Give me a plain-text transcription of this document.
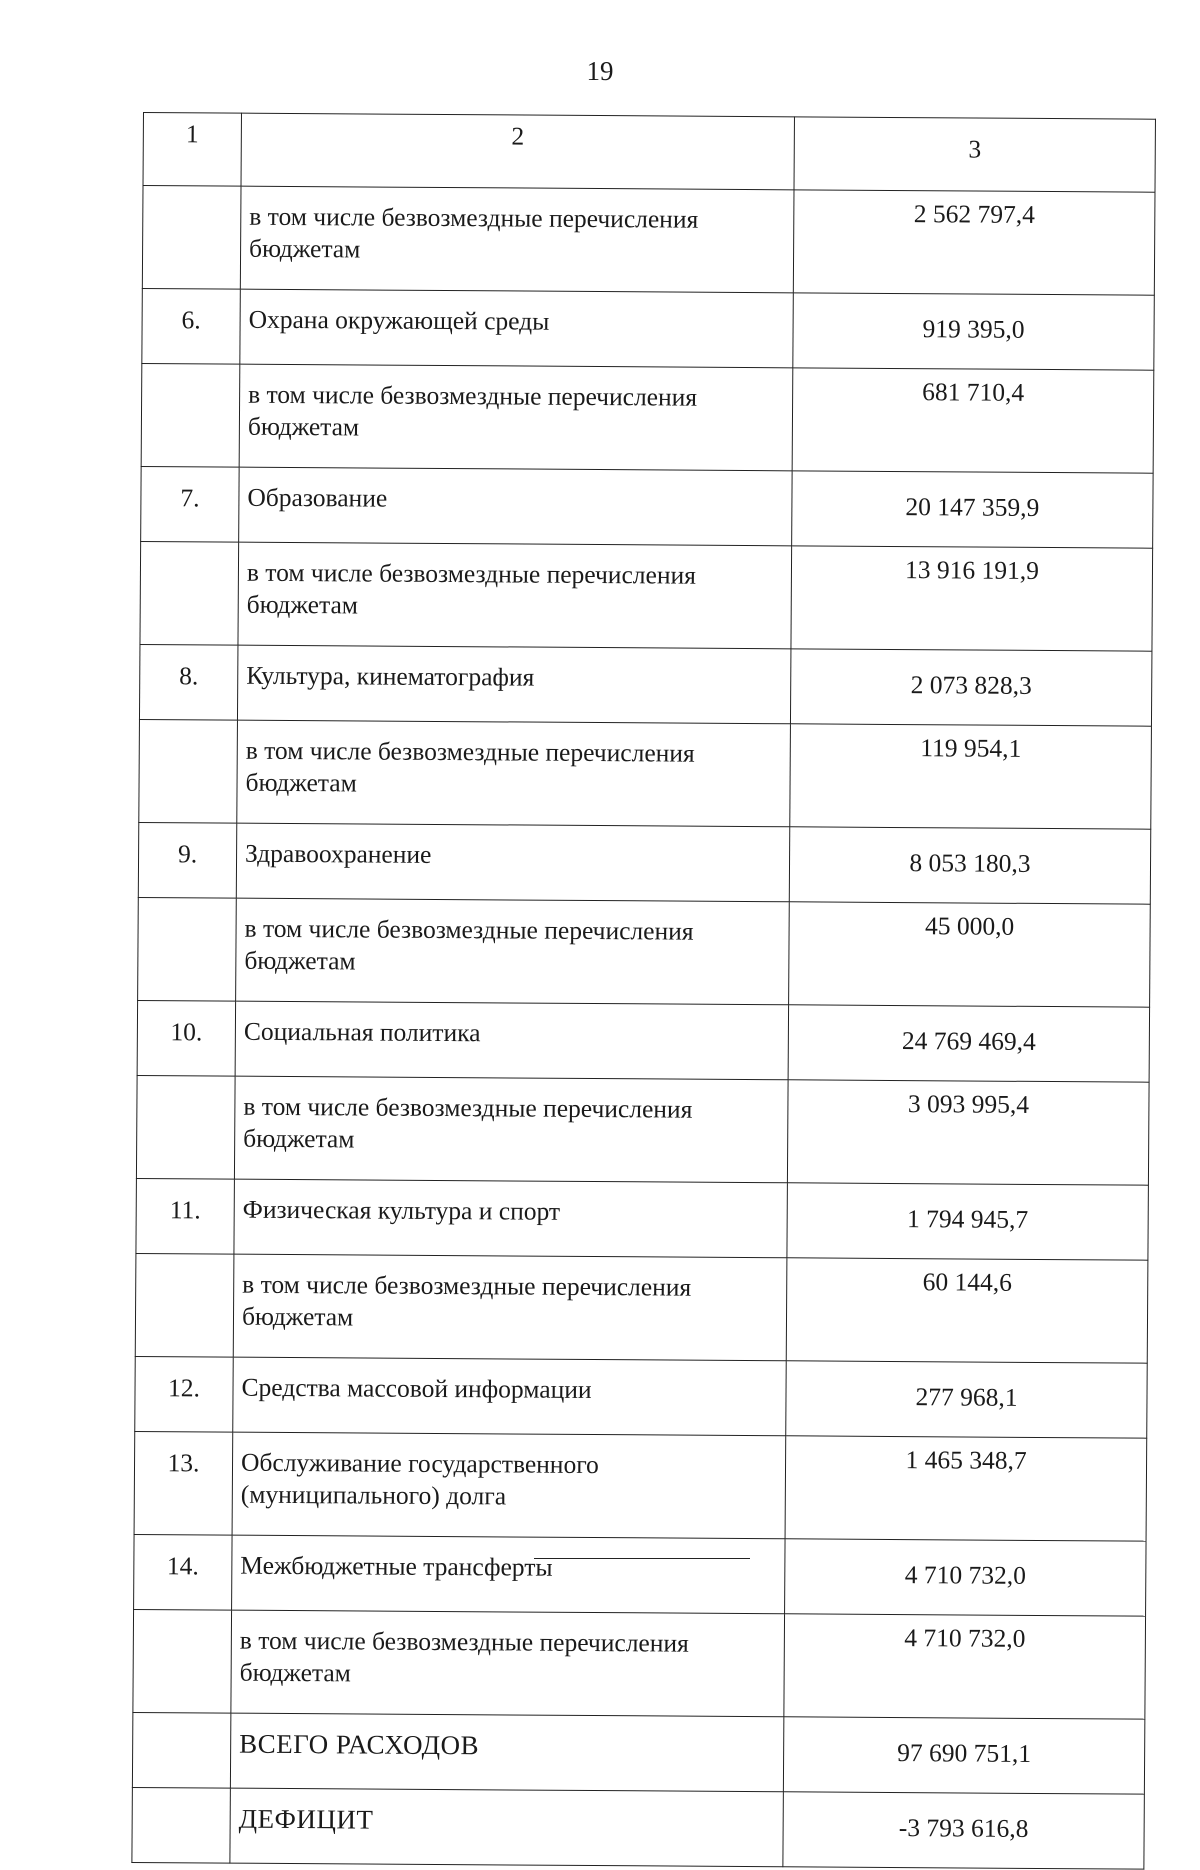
19
1	2	3
	в том числе безвозмездные перечисления бюджетам	2 562 797,4
6.	Охрана окружающей среды	919 395,0
	в том числе безвозмездные перечисления бюджетам	681 710,4
7.	Образование	20 147 359,9
	в том числе безвозмездные перечисления бюджетам	13 916 191,9
8.	Культура, кинематография	2 073 828,3
	в том числе безвозмездные перечисления бюджетам	119 954,1
9.	Здравоохранение	8 053 180,3
	в том числе безвозмездные перечисления бюджетам	45 000,0
10.	Социальная политика	24 769 469,4
	в том числе безвозмездные перечисления бюджетам	3 093 995,4
11.	Физическая культура и спорт	1 794 945,7
	в том числе безвозмездные перечисления бюджетам	60 144,6
12.	Средства массовой информации	277 968,1
13.	Обслуживание государственного (муниципального) долга	1 465 348,7
14.	Межбюджетные трансферты	4 710 732,0
	в том числе безвозмездные перечисления бюджетам	4 710 732,0
	ВСЕГО РАСХОДОВ	97 690 751,1
	ДЕФИЦИТ	-3 793 616,8
